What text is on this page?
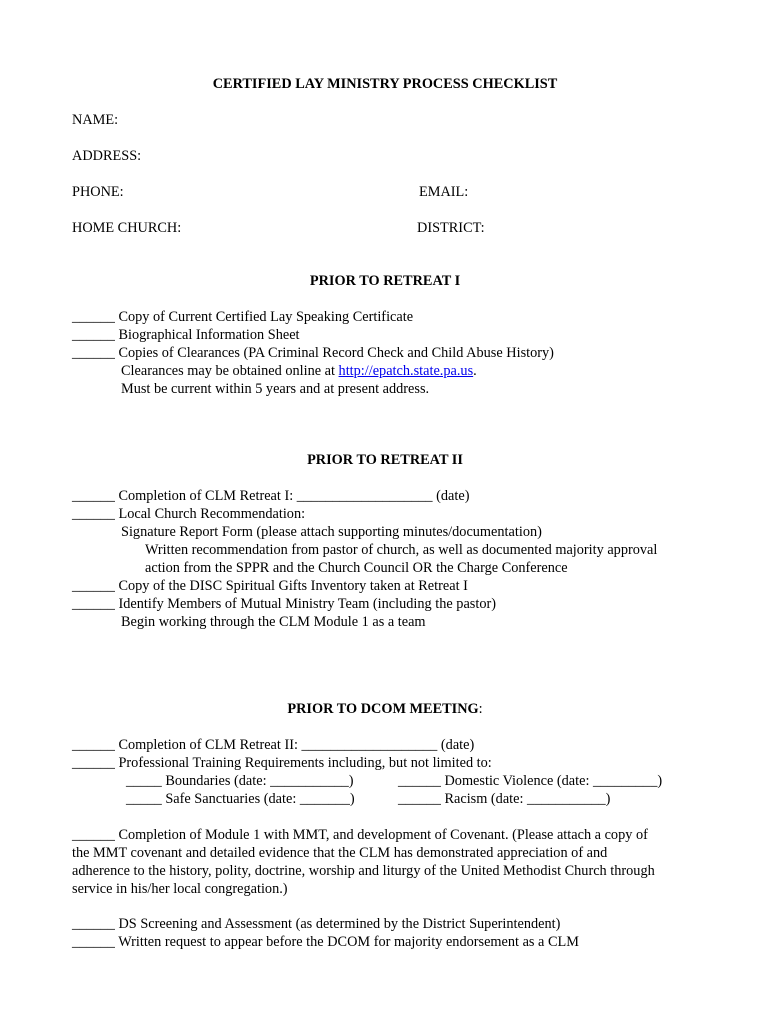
CERTIFIED LAY MINISTRY PROCESS CHECKLIST
NAME:
ADDRESS:
PHONE:	EMAIL:
HOME CHURCH:	DISTRICT:
PRIOR TO RETREAT I
______ Copy of Current Certified Lay Speaking Certificate
______ Biographical Information Sheet
______ Copies of Clearances (PA Criminal Record Check and Child Abuse History)
Clearances may be obtained online at http://epatch.state.pa.us.
Must be current within 5 years and at present address.
PRIOR TO RETREAT II
______ Completion of CLM Retreat I: ___________________ (date)
______ Local Church Recommendation:
Signature Report Form (please attach supporting minutes/documentation)
Written recommendation from pastor of church, as well as documented majority approval
action from the SPPR and the Church Council OR the Charge Conference
______ Copy of the DISC Spiritual Gifts Inventory taken at Retreat I
______ Identify Members of Mutual Ministry Team (including the pastor)
Begin working through the CLM Module 1 as a team
PRIOR TO DCOM MEETING:
______ Completion of CLM Retreat II: ___________________ (date)
______ Professional Training Requirements including, but not limited to:
_____ Boundaries (date: ___________)	______ Domestic Violence (date: _________)
_____ Safe Sanctuaries (date: _______)	______ Racism (date: ___________)
______ Completion of Module 1 with MMT, and development of Covenant. (Please attach a copy of
the MMT covenant and detailed evidence that the CLM has demonstrated appreciation of and
adherence to the history, polity, doctrine, worship and liturgy of the United Methodist Church through
service in his/her local congregation.)
______ DS Screening and Assessment (as determined by the District Superintendent)
______ Written request to appear before the DCOM for majority endorsement as a CLM
